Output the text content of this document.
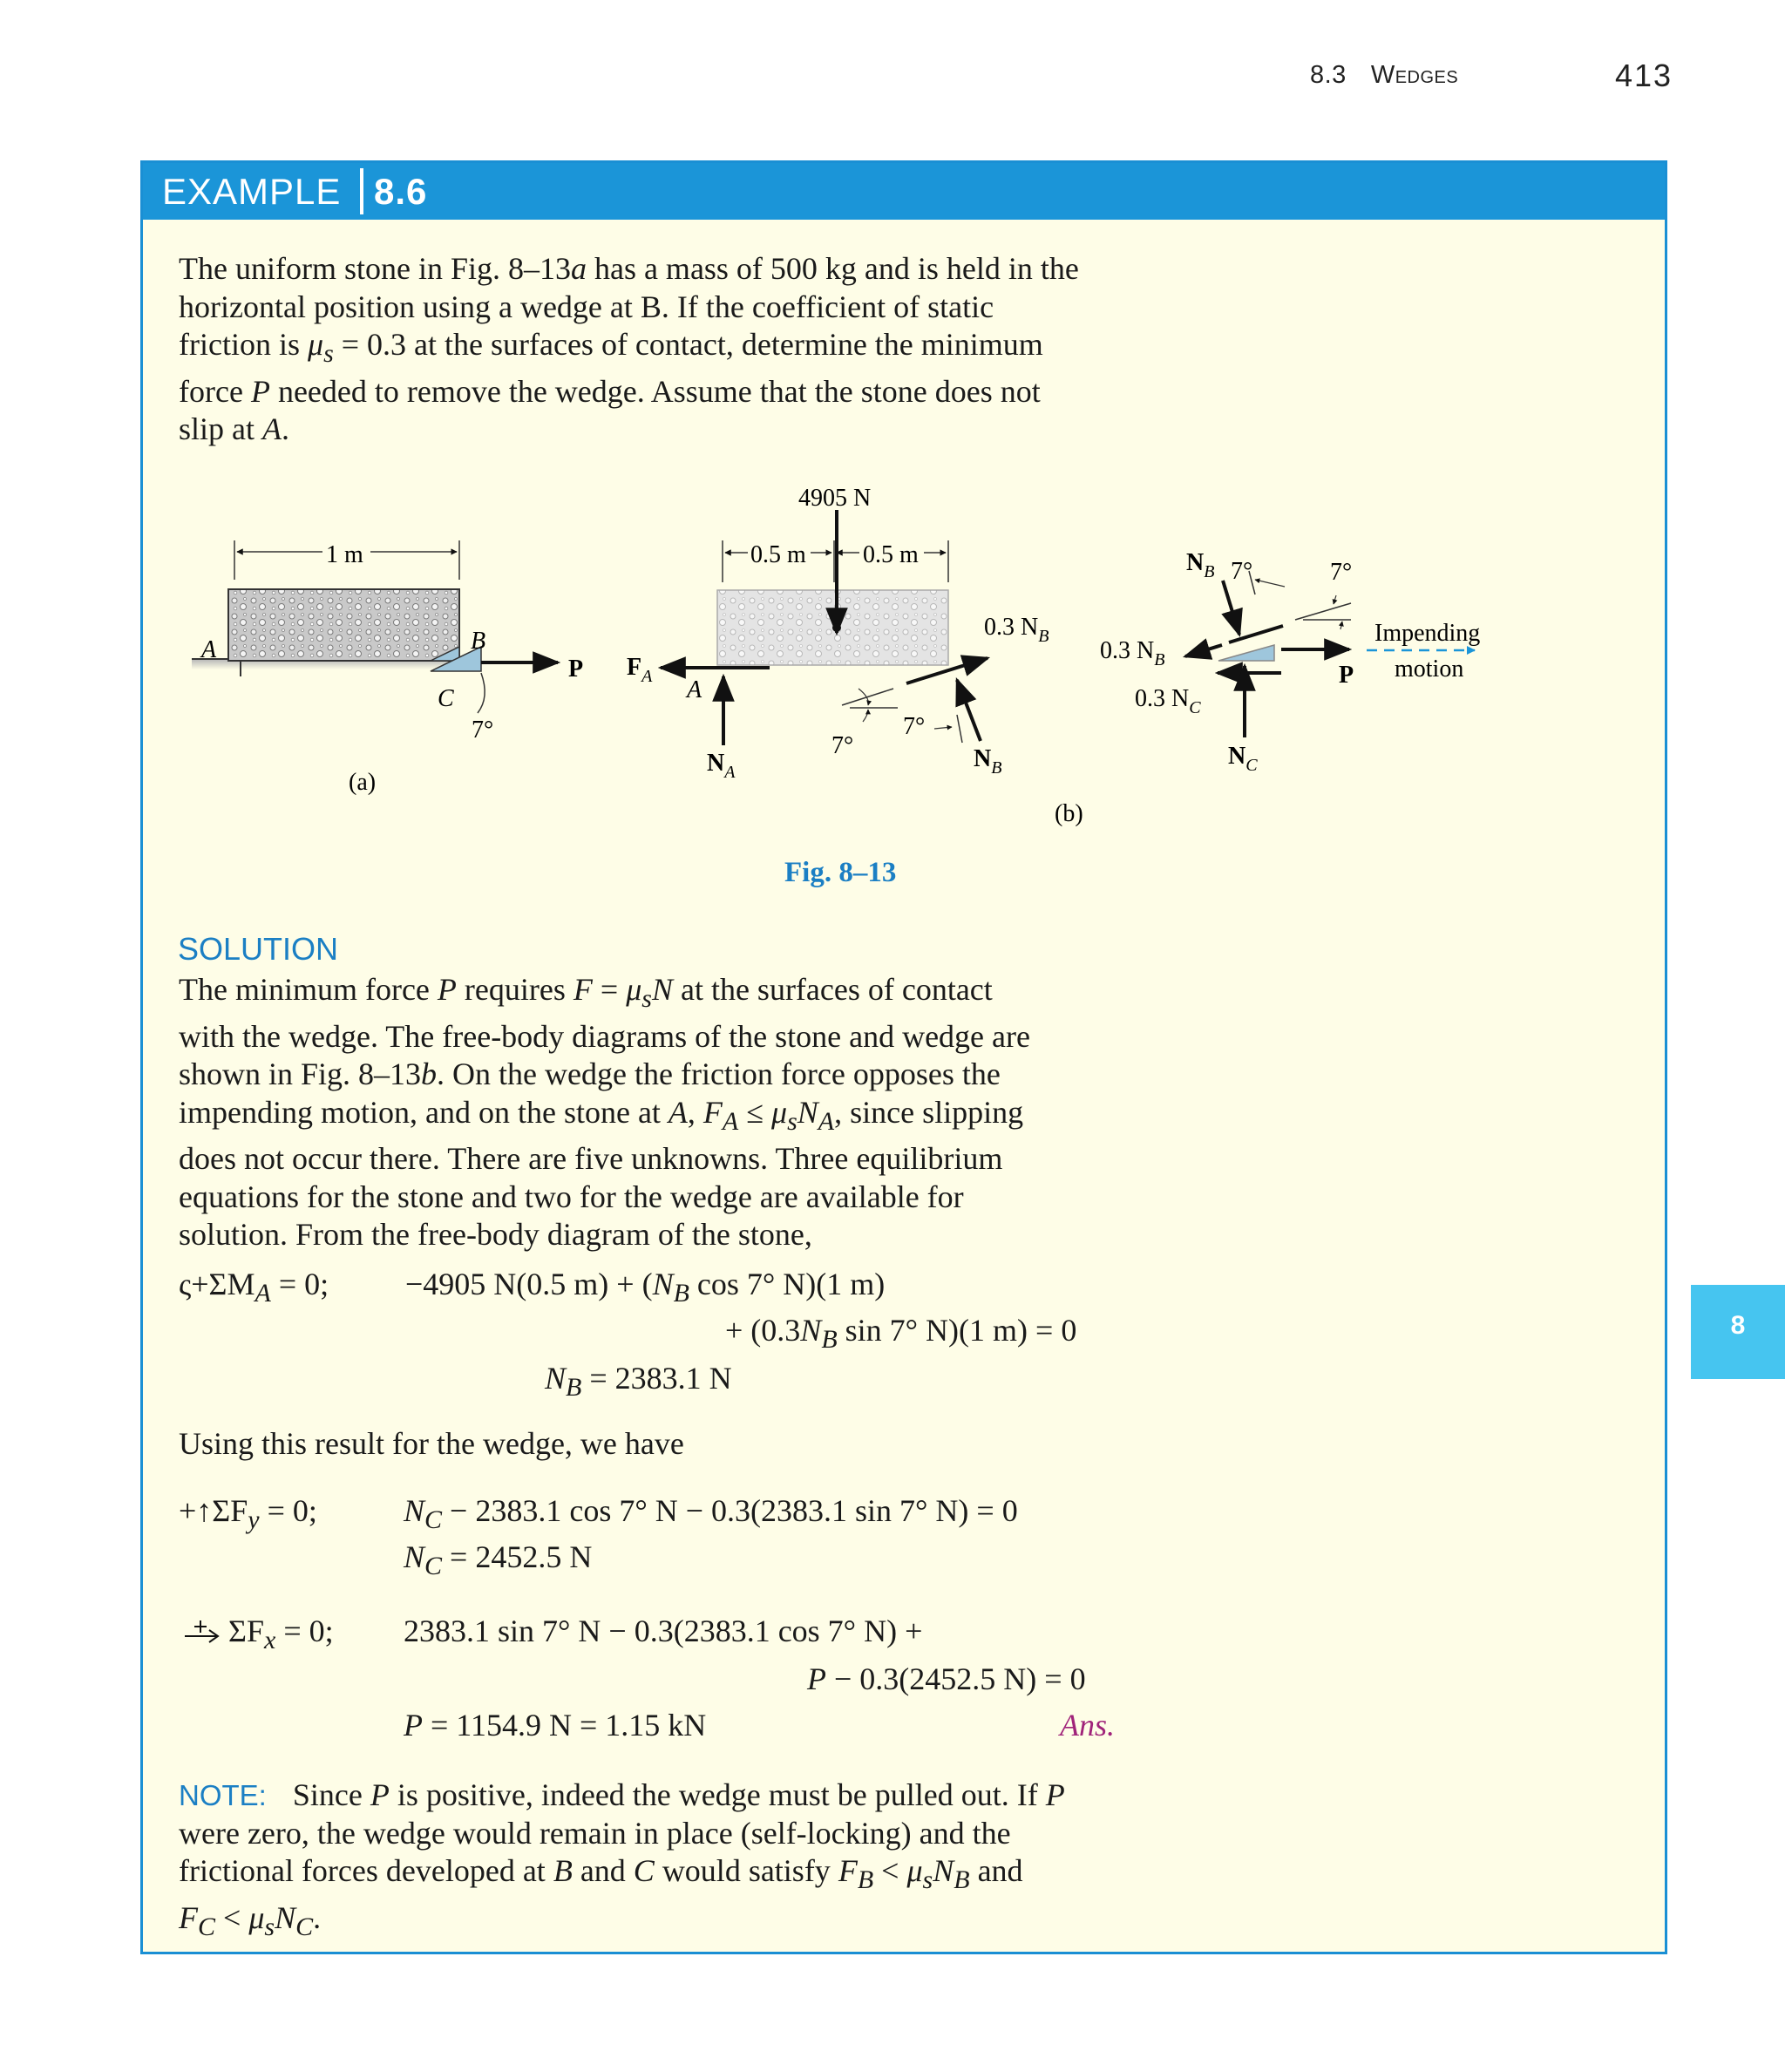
8.3 Wedges	413
8
EXAMPLE 8.6
The uniform stone in Fig. 8–13a has a mass of 500 kg and is held in the
horizontal position using a wedge at B. If the coefficient of static
friction is $\mu_s = 0.3$ at the surfaces of contact, determine the minimum
force P needed to remove the wedge. Assume that the stone does not
slip at A.
1 m
A	B
C
7°
P
(a)
4905 N
0.5 m 0.5 m
$F_A$ A
$N_A$
0.3 $N_B$
$N_B$
7°
7°
(b)
$N_B$ 7°	7°
0.3 $N_B$
0.3 $N_C$
$N_C$
P
Impending
motion
Fig. 8–13
SOLUTION
The minimum force P requires $F = \mu_sN$ at the surfaces of contact
with the wedge. The free-body diagrams of the stone and wedge are
shown in Fig. 8–13b. On the wedge the friction force opposes the
impending motion, and on the stone at A, $F_A \le \mu_sN_A$, since slipping
does not occur there. There are five unknowns. Three equilibrium
equations for the stone and two for the wedge are available for
solution. From the free-body diagram of the stone,
$\varsigma+\Sigma M_A = 0$; −4905 N(0.5 $m) + (N_B$ cos 7° N)(1 m)
+ ($0.3N_B$ sin 7° N)(1 m) = 0
$N_B = 2383.1$ N
Using this result for the wedge, we have
$+↑\Sigma F_y = 0$;	$N_C - 2383.1$ cos 7° N − 0.3(2383.1 sin 7° N) = 0
$N_C = 2452.5$ N
$\Sigma F_x = 0$; 2383.1 sin 7° N − 0.3(2383.1 cos 7° N) +
P − 0.3(2452.5 N) = 0
P = 1154.9 N = 1.15 kN	Ans.
NOTE: Since P is positive, indeed the wedge must be pulled out. If P
were zero, the wedge would remain in place (self-locking) and the
frictional forces developed at B and C would satisfy $F_B < \mu_sN_B$ and
$F_C < \mu_sN_C$.
